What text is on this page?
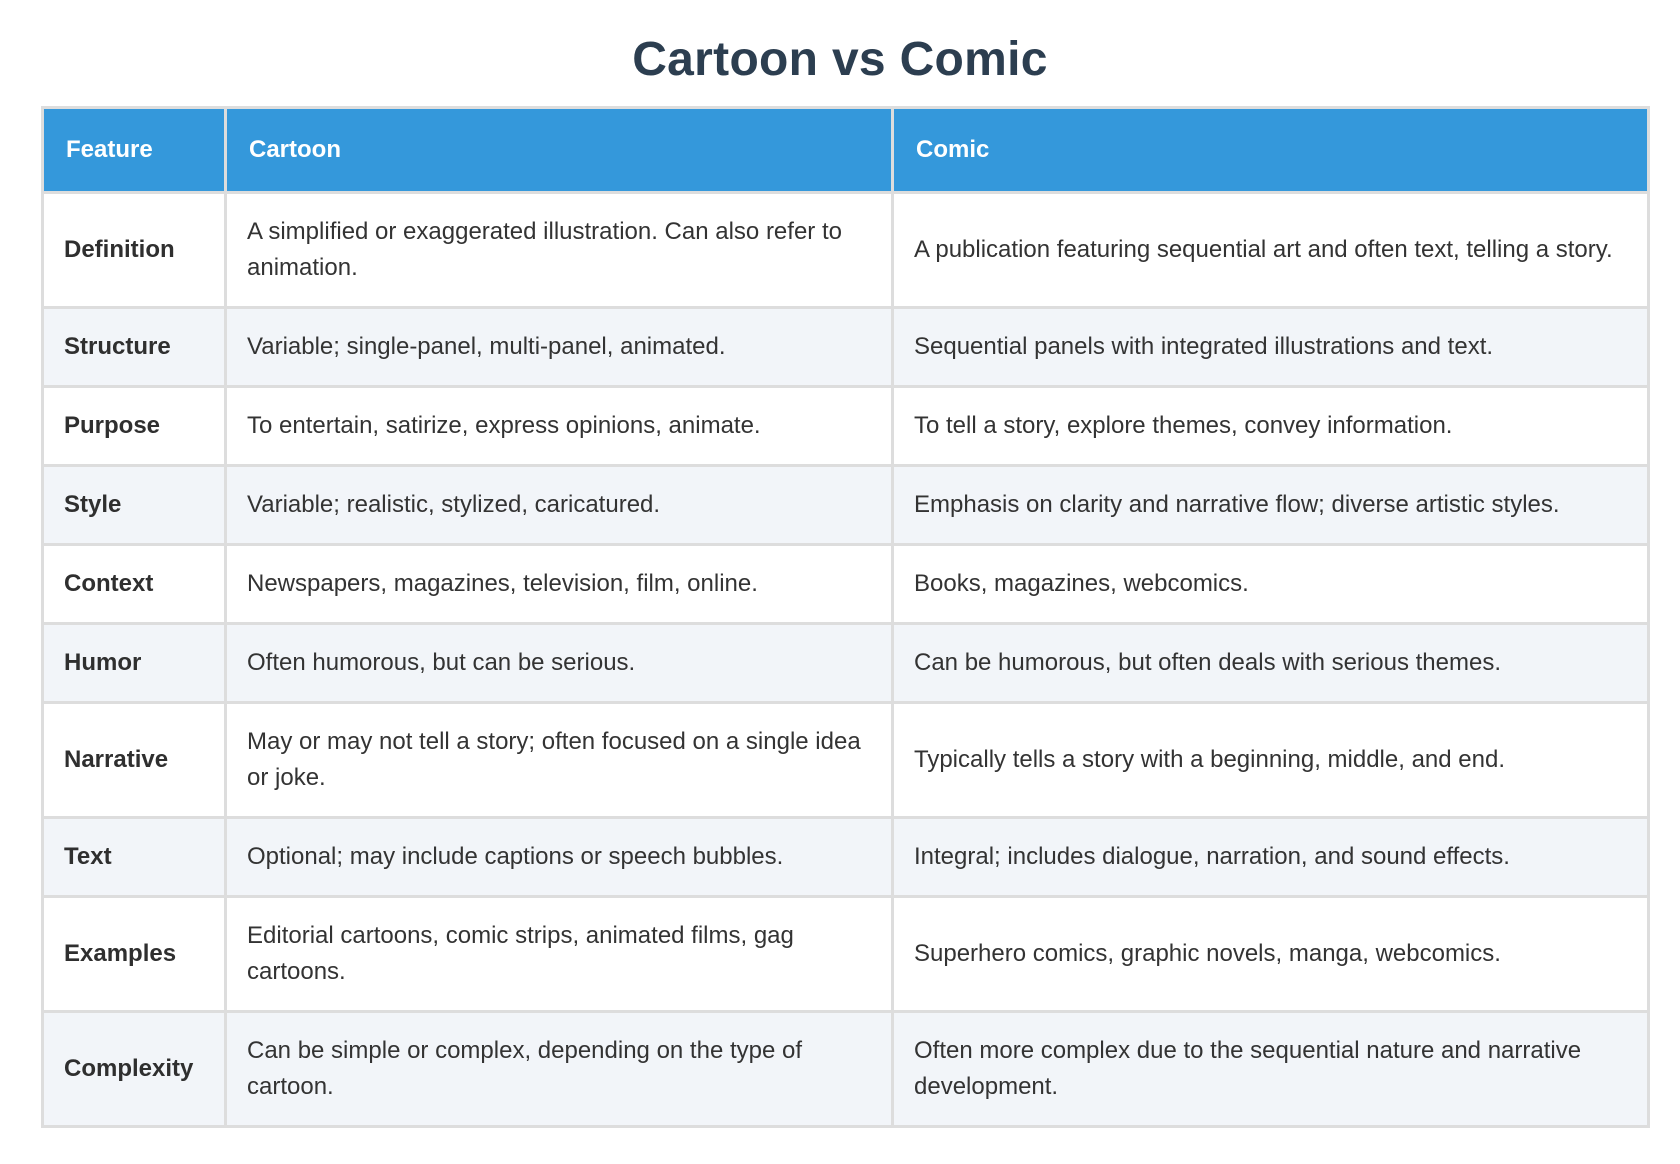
Cartoon vs Comic
Feature	Cartoon	Comic
Definition	A simplified or exaggerated illustration. Can also refer to animation.	A publication featuring sequential art and often text, telling a story.
Structure	Variable; single-panel, multi-panel, animated.	Sequential panels with integrated illustrations and text.
Purpose	To entertain, satirize, express opinions, animate.	To tell a story, explore themes, convey information.
Style	Variable; realistic, stylized, caricatured.	Emphasis on clarity and narrative flow; diverse artistic styles.
Context	Newspapers, magazines, television, film, online.	Books, magazines, webcomics.
Humor	Often humorous, but can be serious.	Can be humorous, but often deals with serious themes.
Narrative	May or may not tell a story; often focused on a single idea or joke.	Typically tells a story with a beginning, middle, and end.
Text	Optional; may include captions or speech bubbles.	Integral; includes dialogue, narration, and sound effects.
Examples	Editorial cartoons, comic strips, animated films, gag cartoons.	Superhero comics, graphic novels, manga, webcomics.
Complexity	Can be simple or complex, depending on the type of cartoon.	Often more complex due to the sequential nature and narrative development.
